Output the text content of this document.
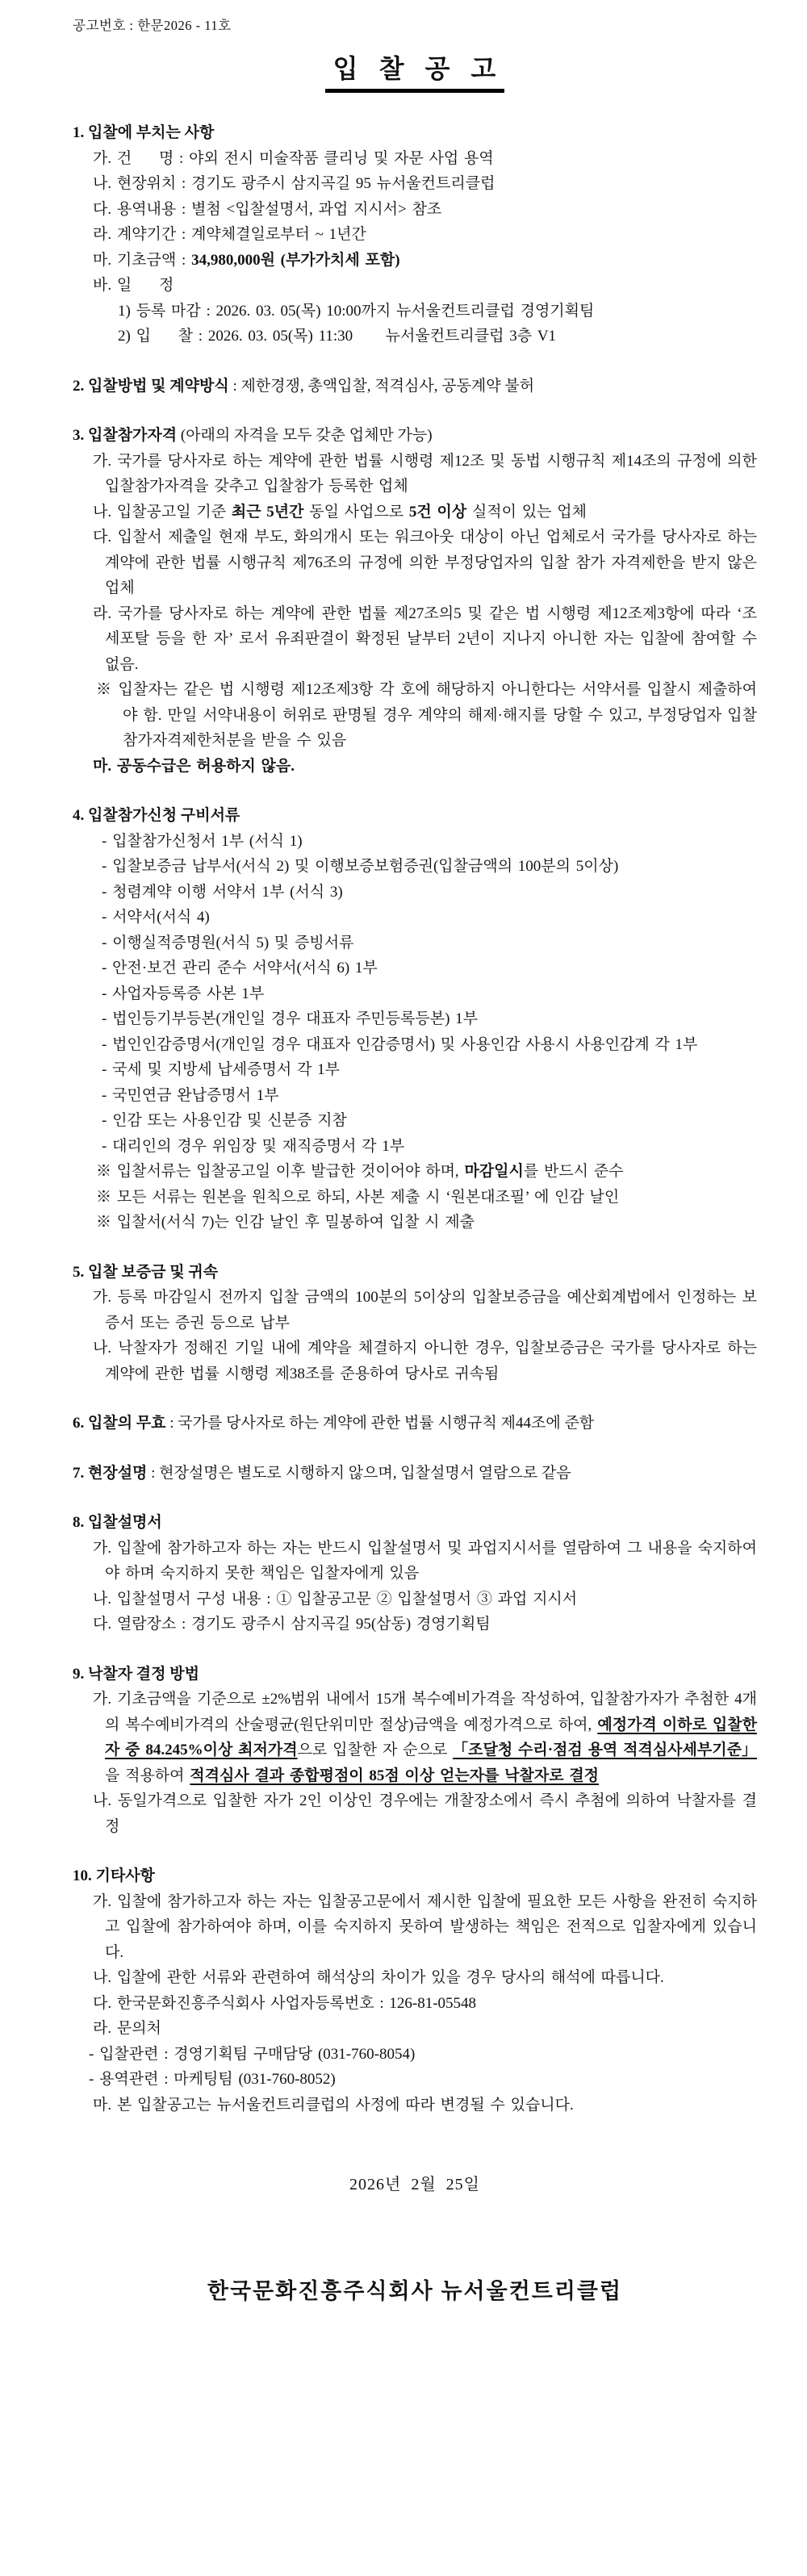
공고번호 : 한문2026 - 11호
입 찰 공 고
1. 입찰에 부치는 사항
가. 건     명 : 야외 전시 미술작품 클리닝 및 자문 사업 용역
나. 현장위치 : 경기도 광주시 삼지곡길 95 뉴서울컨트리클럽
다. 용역내용 : 별첨 <입찰설명서, 과업 지시서> 참조
라. 계약기간 : 계약체결일로부터 ~ 1년간
마. 기초금액 : 34,980,000원 (부가가치세 포함)
바. 일     정
1) 등록 마감 : 2026. 03. 05(목) 10:00까지 뉴서울컨트리클럽 경영기획팀
2) 입     찰 : 2026. 03. 05(목) 11:30      뉴서울컨트리클럽 3층 V1
2. 입찰방법 및 계약방식 : 제한경쟁, 총액입찰, 적격심사, 공동계약 불허
3. 입찰참가자격 (아래의 자격을 모두 갖춘 업체만 가능)
가. 국가를 당사자로 하는 계약에 관한 법률 시행령 제12조 및 동법 시행규칙 제14조의 규정에 의한 입찰참가자격을 갖추고 입찰참가 등록한 업체
나. 입찰공고일 기준 최근 5년간 동일 사업으로 5건 이상 실적이 있는 업체
다. 입찰서 제출일 현재 부도, 화의개시 또는 워크아웃 대상이 아닌 업체로서 국가를 당사자로 하는 계약에 관한 법률 시행규칙 제76조의 규정에 의한 부정당업자의 입찰 참가 자격제한을 받지 않은 업체
라. 국가를 당사자로 하는 계약에 관한 법률 제27조의5 및 같은 법 시행령 제12조제3항에 따라 ‘조세포탈 등을 한 자’ 로서 유죄판결이 확정된 날부터 2년이 지나지 아니한 자는 입찰에 참여할 수 없음.
※ 입찰자는 같은 법 시행령 제12조제3항 각 호에 해당하지 아니한다는 서약서를 입찰시 제출하여야 함. 만일 서약내용이 허위로 판명될 경우 계약의 해제·해지를 당할 수 있고, 부정당업자 입찰참가자격제한처분을 받을 수 있음
마. 공동수급은 허용하지 않음.
4. 입찰참가신청 구비서류
- 입찰참가신청서 1부 (서식 1)
- 입찰보증금 납부서(서식 2) 및 이행보증보험증권(입찰금액의 100분의 5이상)
- 청렴계약 이행 서약서 1부 (서식 3)
- 서약서(서식 4)
- 이행실적증명원(서식 5) 및 증빙서류
- 안전·보건 관리 준수 서약서(서식 6) 1부
- 사업자등록증 사본 1부
- 법인등기부등본(개인일 경우 대표자 주민등록등본) 1부
- 법인인감증명서(개인일 경우 대표자 인감증명서) 및 사용인감 사용시 사용인감계 각 1부
- 국세 및 지방세 납세증명서 각 1부
- 국민연금 완납증명서 1부
- 인감 또는 사용인감 및 신분증 지참
- 대리인의 경우 위임장 및 재직증명서 각 1부
※ 입찰서류는 입찰공고일 이후 발급한 것이어야 하며, 마감일시를 반드시 준수
※ 모든 서류는 원본을 원칙으로 하되, 사본 제출 시 ‘원본대조필’ 에 인감 날인
※ 입찰서(서식 7)는 인감 날인 후 밀봉하여 입찰 시 제출
5. 입찰 보증금 및 귀속
가. 등록 마감일시 전까지 입찰 금액의 100분의 5이상의 입찰보증금을 예산회계법에서 인정하는 보증서 또는 증권 등으로 납부
나. 낙찰자가 정해진 기일 내에 계약을 체결하지 아니한 경우, 입찰보증금은 국가를 당사자로 하는 계약에 관한 법률 시행령 제38조를 준용하여 당사로 귀속됨
6. 입찰의 무효 : 국가를 당사자로 하는 계약에 관한 법률 시행규칙 제44조에 준함
7. 현장설명 : 현장설명은 별도로 시행하지 않으며, 입찰설명서 열람으로 같음
8. 입찰설명서
가. 입찰에 참가하고자 하는 자는 반드시 입찰설명서 및 과업지시서를 열람하여 그 내용을 숙지하여야 하며 숙지하지 못한 책임은 입찰자에게 있음
나. 입찰설명서 구성 내용 : ① 입찰공고문 ② 입찰설명서 ③ 과업 지시서
다. 열람장소 : 경기도 광주시 삼지곡길 95(삼동) 경영기획팀
9. 낙찰자 결정 방법
가. 기초금액을 기준으로 ±2%범위 내에서 15개 복수예비가격을 작성하여, 입찰참가자가 추첨한 4개의 복수예비가격의 산술평균(원단위미만 절상)금액을 예정가격으로 하여, 예정가격 이하로 입찰한 자 중 84.245%이상 최저가격으로 입찰한 자 순으로 「조달청 수리·점검 용역 적격심사세부기준」을 적용하여 적격심사 결과 종합평점이 85점 이상 얻는자를 낙찰자로 결정
나. 동일가격으로 입찰한 자가 2인 이상인 경우에는 개찰장소에서 즉시 추첨에 의하여 낙찰자를 결정
10. 기타사항
가. 입찰에 참가하고자 하는 자는 입찰공고문에서 제시한 입찰에 필요한 모든 사항을 완전히 숙지하고 입찰에 참가하여야 하며, 이를 숙지하지 못하여 발생하는 책임은 전적으로 입찰자에게 있습니다.
나. 입찰에 관한 서류와 관련하여 해석상의 차이가 있을 경우 당사의 해석에 따릅니다.
다. 한국문화진흥주식회사 사업자등록번호 : 126-81-05548
라. 문의처
- 입찰관련 : 경영기획팀 구매담당 (031-760-8054)
- 용역관련 : 마케팅팀 (031-760-8052)
마. 본 입찰공고는 뉴서울컨트리클럽의 사정에 따라 변경될 수 있습니다.
2026년  2월  25일
한국문화진흥주식회사 뉴서울컨트리클럽
